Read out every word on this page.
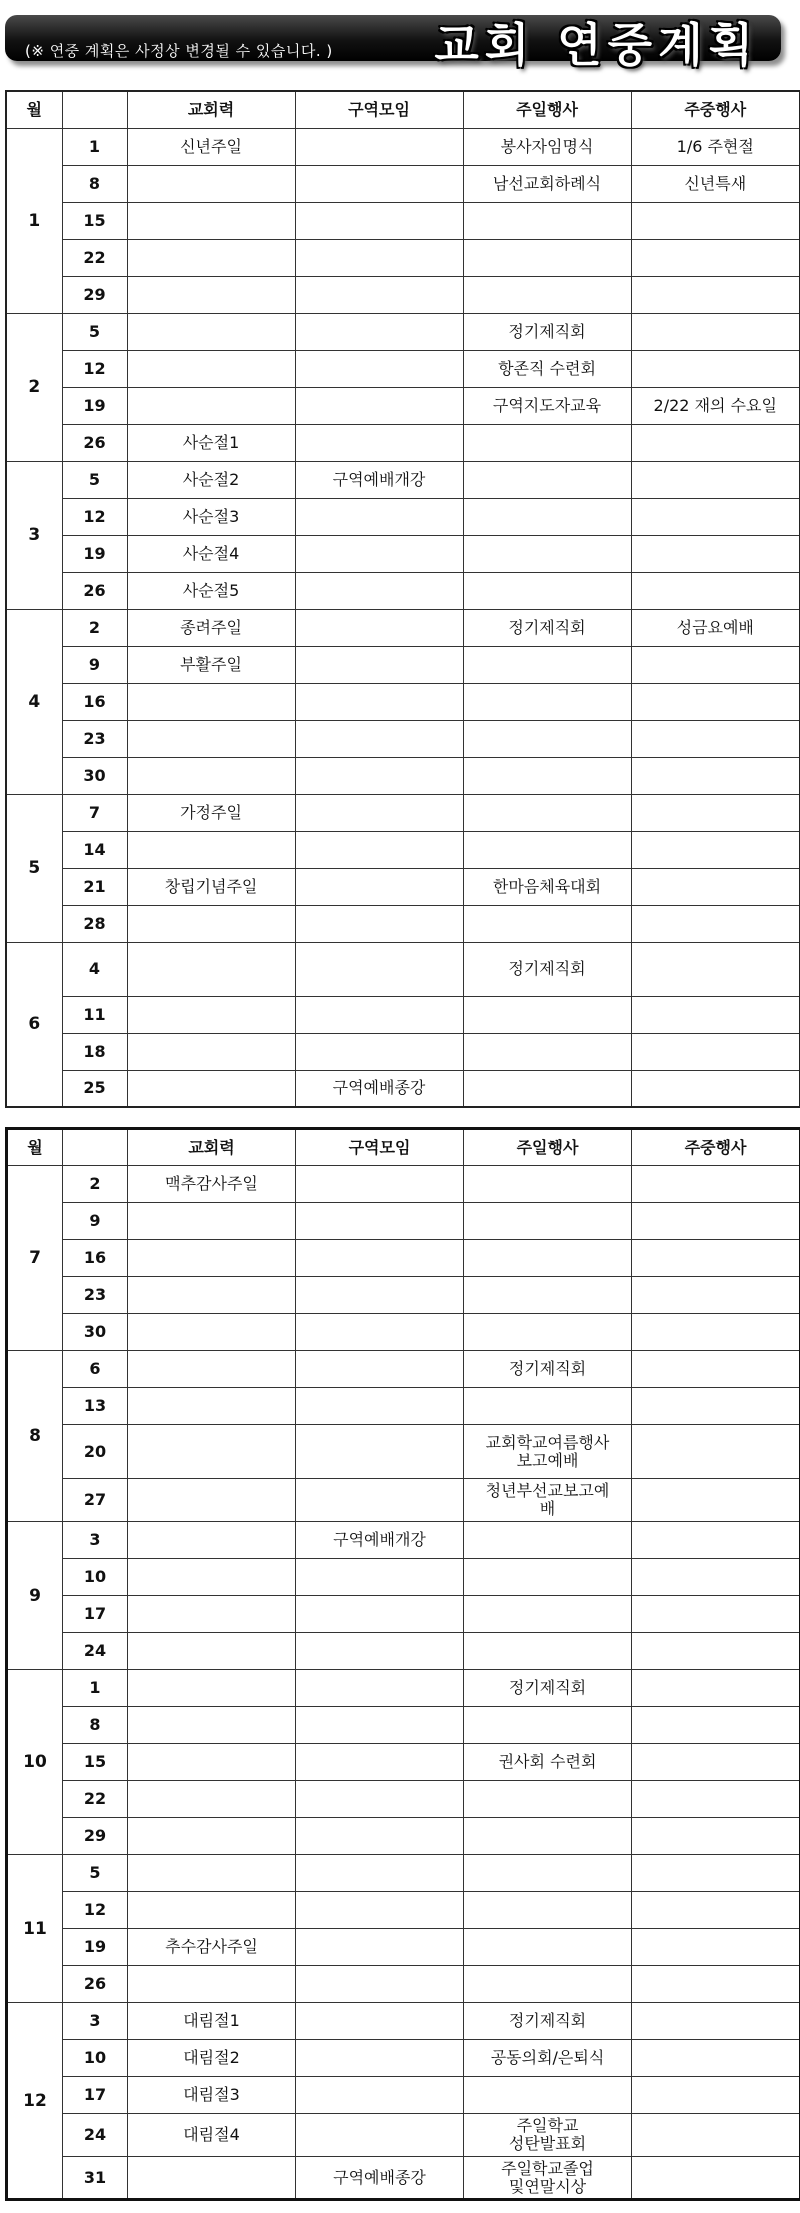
(※ 연중 계획은 사정상 변경될 수 있습니다. ) 교회 연중계획
월		교회력	구역모임	주일행사	주중행사
1	1	신년주일		봉사자임명식	1/6 주현절
	8			남선교회하례식	신년특새
	15				
	22				
	29				
2	5			정기제직회	
	12			항존직 수련회	
	19			구역지도자교육	2/22 재의 수요일
	26	사순절1			
3	5	사순절2	구역예배개강		
	12	사순절3			
	19	사순절4			
	26	사순절5			
4	2	종려주일		정기제직회	성금요예배
	9	부활주일			
	16				
	23				
	30				
5	7	가정주일			
	14				
	21	창립기념주일		한마음체육대회	
	28				
6	4			정기제직회	
	11				
	18				
	25		구역예배종강		
월		교회력	구역모임	주일행사	주중행사
7	2	맥추감사주일			
	9				
	16				
	23				
	30				
8	6			정기제직회	
	13				
	20			교회학교여름행사
보고예배	

	27			청년부선교보고예
배	

9	3		구역예배개강		
	10				
	17				
	24				
10	1			정기제직회	
	8				
	15			권사회 수련회	
	22				
	29				
11	5				
	12				
	19	추수감사주일			
	26				
12	3	대림절1		정기제직회	
	10	대림절2		공동의회/은퇴식	
	17	대림절3			
	24	대림절4		주일학교
성탄발표회	

	31		구역예배종강	주일학교졸업
및연말시상	
